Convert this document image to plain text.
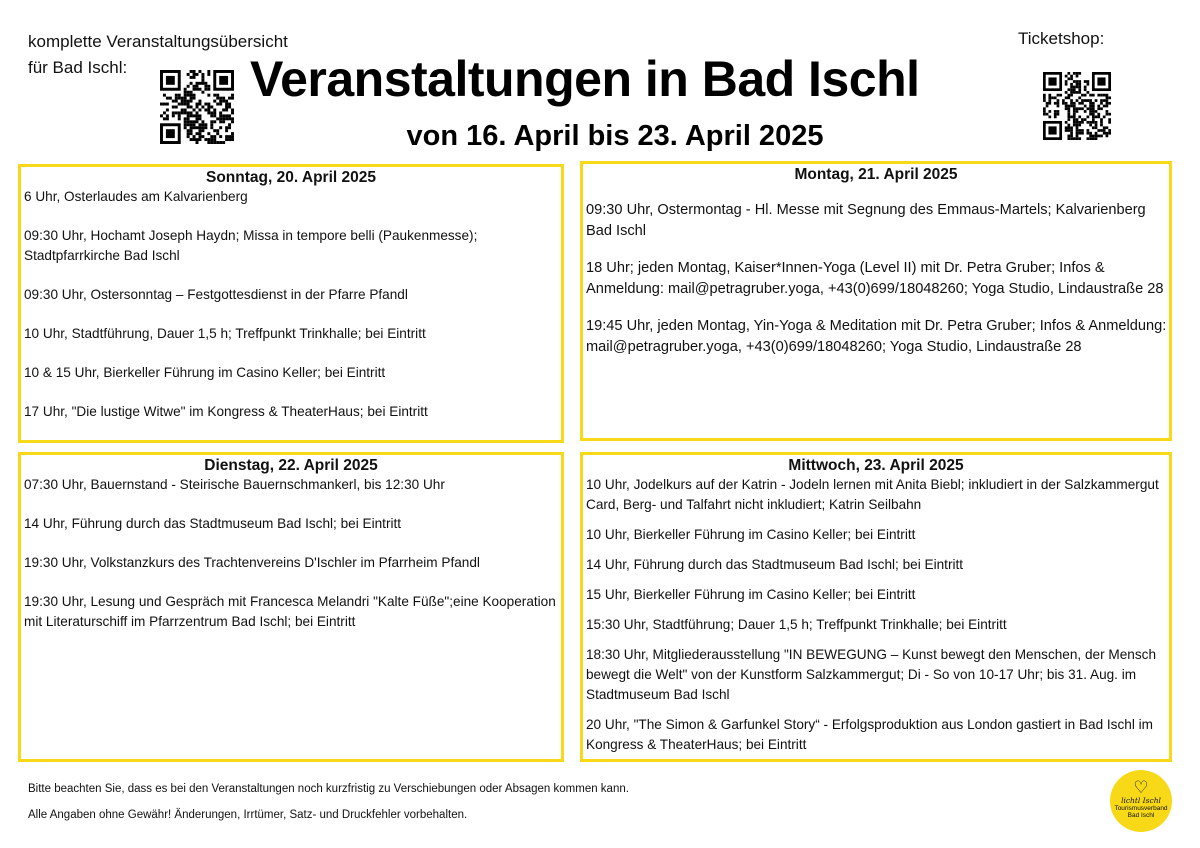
komplette Veranstaltungsübersicht
für Bad Ischl:	Veranstaltungen in Bad Ischl
von 16. April bis 23. April 2025
Ticketshop:
Sonntag, 20. April 2025
6 Uhr, Osterlaudes am Kalvarienberg
09:30 Uhr, Hochamt Joseph Haydn; Missa in tempore belli (Paukenmesse); Stadtpfarrkirche Bad Ischl
09:30 Uhr, Ostersonntag – Festgottesdienst in der Pfarre Pfandl
10 Uhr, Stadtführung, Dauer 1,5 h; Treffpunkt Trinkhalle; bei Eintritt
10 & 15 Uhr, Bierkeller Führung im Casino Keller; bei Eintritt
17 Uhr, "Die lustige Witwe" im Kongress & TheaterHaus; bei Eintritt
Montag, 21. April 2025
09:30 Uhr, Ostermontag - Hl. Messe mit Segnung des Emmaus-Martels; Kalvarienberg Bad Ischl
18 Uhr; jeden Montag, Kaiser*Innen-Yoga (Level II) mit Dr. Petra Gruber; Infos & Anmeldung: mail@petragruber.yoga, +43(0)699/18048260; Yoga Studio, Lindaustraße 28
19:45 Uhr, jeden Montag, Yin-Yoga & Meditation mit Dr. Petra Gruber; Infos & Anmeldung: mail@petragruber.yoga, +43(0)699/18048260; Yoga Studio, Lindaustraße 28
Dienstag, 22. April 2025
07:30 Uhr, Bauernstand - Steirische Bauernschmankerl, bis 12:30 Uhr
14 Uhr, Führung durch das Stadtmuseum Bad Ischl; bei Eintritt
19:30 Uhr, Volkstanzkurs des Trachtenvereins D'Ischler im Pfarrheim Pfandl
19:30 Uhr, Lesung und Gespräch mit Francesca Melandri "Kalte Füße";eine Kooperation mit Literaturschiff im Pfarrzentrum Bad Ischl; bei Eintritt
Mittwoch, 23. April 2025
10 Uhr, Jodelkurs auf der Katrin - Jodeln lernen mit Anita Biebl; inkludiert in der Salzkammergut Card, Berg- und Talfahrt nicht inkludiert; Katrin Seilbahn
10 Uhr, Bierkeller Führung im Casino Keller; bei Eintritt
14 Uhr, Führung durch das Stadtmuseum Bad Ischl; bei Eintritt
15 Uhr, Bierkeller Führung im Casino Keller; bei Eintritt
15:30 Uhr, Stadtführung; Dauer 1,5 h; Treffpunkt Trinkhalle; bei Eintritt
18:30 Uhr, Mitgliederausstellung "IN BEWEGUNG – Kunst bewegt den Menschen, der Mensch bewegt die Welt" von der Kunstform Salzkammergut; Di - So von 10-17 Uhr; bis 31. Aug. im Stadtmuseum Bad Ischl
20 Uhr, "The Simon & Garfunkel Story“ - Erfolgsproduktion aus London gastiert in Bad Ischl im Kongress & TheaterHaus; bei Eintritt
Bitte beachten Sie, dass es bei den Veranstaltungen noch kurzfristig zu Verschiebungen oder Absagen kommen kann.
Alle Angaben ohne Gewähr! Änderungen, Irrtümer, Satz- und Druckfehler vorbehalten.
♡
lichtl Ischl
Tourismusverband
Bad Ischl
